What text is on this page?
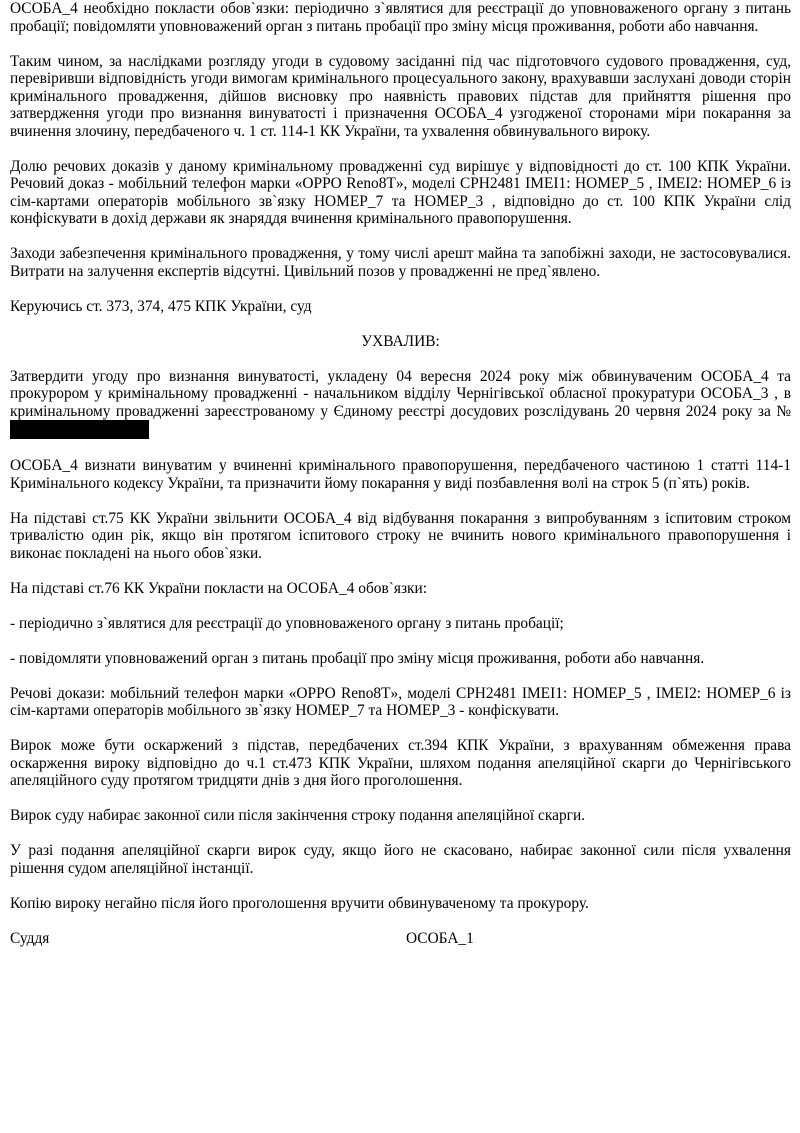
ОСОБА_4 необхідно покласти обов`язки: періодично з`являтися для реєстрації до уповноваженого органу з питань пробації; повідомляти уповноважений орган з питань пробації про зміну місця проживання, роботи або навчання.

Таким чином, за наслідками розгляду угоди в судовому засіданні під час підготовчого судового провадження, суд, перевіривши відповідність угоди вимогам кримінального процесуального закону, врахувавши заслухані доводи сторін кримінального провадження, дійшов висновку про наявність правових підстав для прийняття рішення про затвердження угоди про визнання винуватості і призначення ОСОБА_4 узгодженої сторонами міри покарання за вчинення злочину, передбаченого ч. 1 ст. 114-1 КК України, та ухвалення обвинувального вироку.

Долю речових доказів у даному кримінальному провадженні суд вирішує у відповідності до ст. 100 КПК України. Речовий доказ - мобільний телефон марки «OPPO Reno8T», моделі CPH2481 IMEI1: НОМЕР_5 , IMEI2: НОМЕР_6 із сім-картами операторів мобільного зв`язку НОМЕР_7 та НОМЕР_3 , відповідно до ст. 100 КПК України слід конфіскувати в дохід держави як знаряддя вчинення кримінального правопорушення.

Заходи забезпечення кримінального провадження, у тому числі арешт майна та запобіжні заходи, не застосовувалися. Витрати на залучення експертів відсутні. Цивільний позов у провадженні не пред`явлено.

Керуючись ст. 373, 374, 475 КПК України, суд

УХВАЛИВ:

Затвердити угоду про визнання винуватості, укладену 04 вересня 2024 року між обвинуваченим ОСОБА_4 та прокурором у кримінальному провадженні - начальником відділу Чернігівської обласної прокуратури ОСОБА_3 , в кримінальному провадженні зареєстрованому у Єдиному реєстрі досудових розслідувань 20 червня 2024 року за №

ОСОБА_4 визнати винуватим у вчиненні кримінального правопорушення, передбаченого частиною 1 статті 114-1 Кримінального кодексу України, та призначити йому покарання у виді позбавлення волі на строк 5 (п`ять) років.

На підставі ст.75 КК України звільнити ОСОБА_4 від відбування покарання з випробуванням з іспитовим строком тривалістю один рік, якщо він протягом іспитового строку не вчинить нового кримінального правопорушення і виконає покладені на нього обов`язки.

На підставі ст.76 КК України покласти на ОСОБА_4 обов`язки:

- періодично з`являтися для реєстрації до уповноваженого органу з питань пробації;

- повідомляти уповноважений орган з питань пробації про зміну місця проживання, роботи або навчання.

Речові докази: мобільний телефон марки «OPPO Reno8T», моделі CPH2481 IMEI1: НОМЕР_5 , IMEI2: НОМЕР_6 із сім-картами операторів мобільного зв`язку НОМЕР_7 та НОМЕР_3 - конфіскувати.

Вирок може бути оскаржений з підстав, передбачених ст.394 КПК України, з врахуванням обмеження права оскарження вироку відповідно до ч.1 ст.473 КПК України, шляхом подання апеляційної скарги до Чернігівського апеляційного суду протягом тридцяти днів з дня його проголошення.

Вирок суду набирає законної сили після закінчення строку подання апеляційної скарги.

У разі подання апеляційної скарги вирок суду, якщо його не скасовано, набирає законної сили після ухвалення рішення судом апеляційної інстанції.

Копію вироку негайно після його проголошення вручити обвинуваченому та прокурору.

Суддя	ОСОБА_1
